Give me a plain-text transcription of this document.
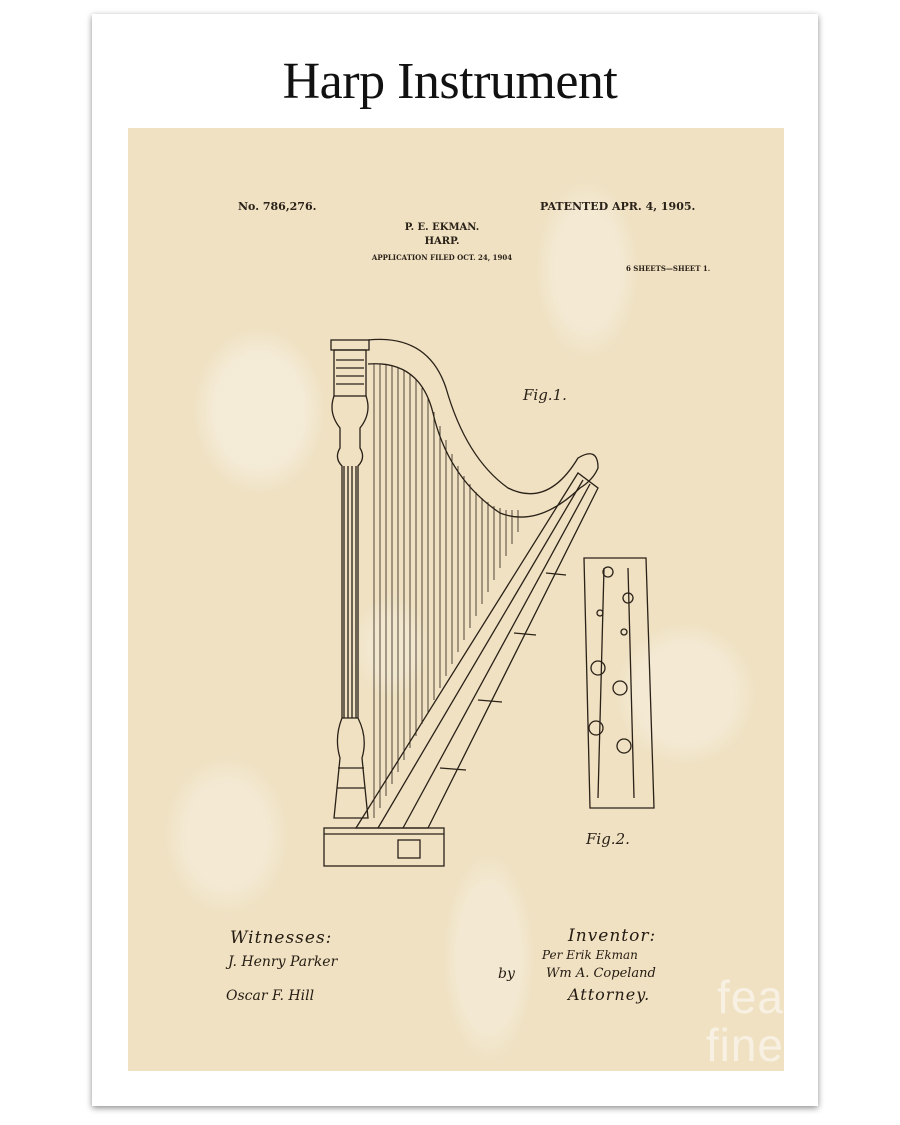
Harp Instrument
No. 786,276.	PATENTED APR. 4, 1905.
P. E. EKMAN.
HARP.
APPLICATION FILED OCT. 24, 1904
6 SHEETS—SHEET 1.
Fig.1.
Fig.2.
Witnesses:
J. Henry Parker
Oscar F. Hill
Inventor:
Per Erik Ekman
by Wm A. Copeland
Attorney. fea
fine
